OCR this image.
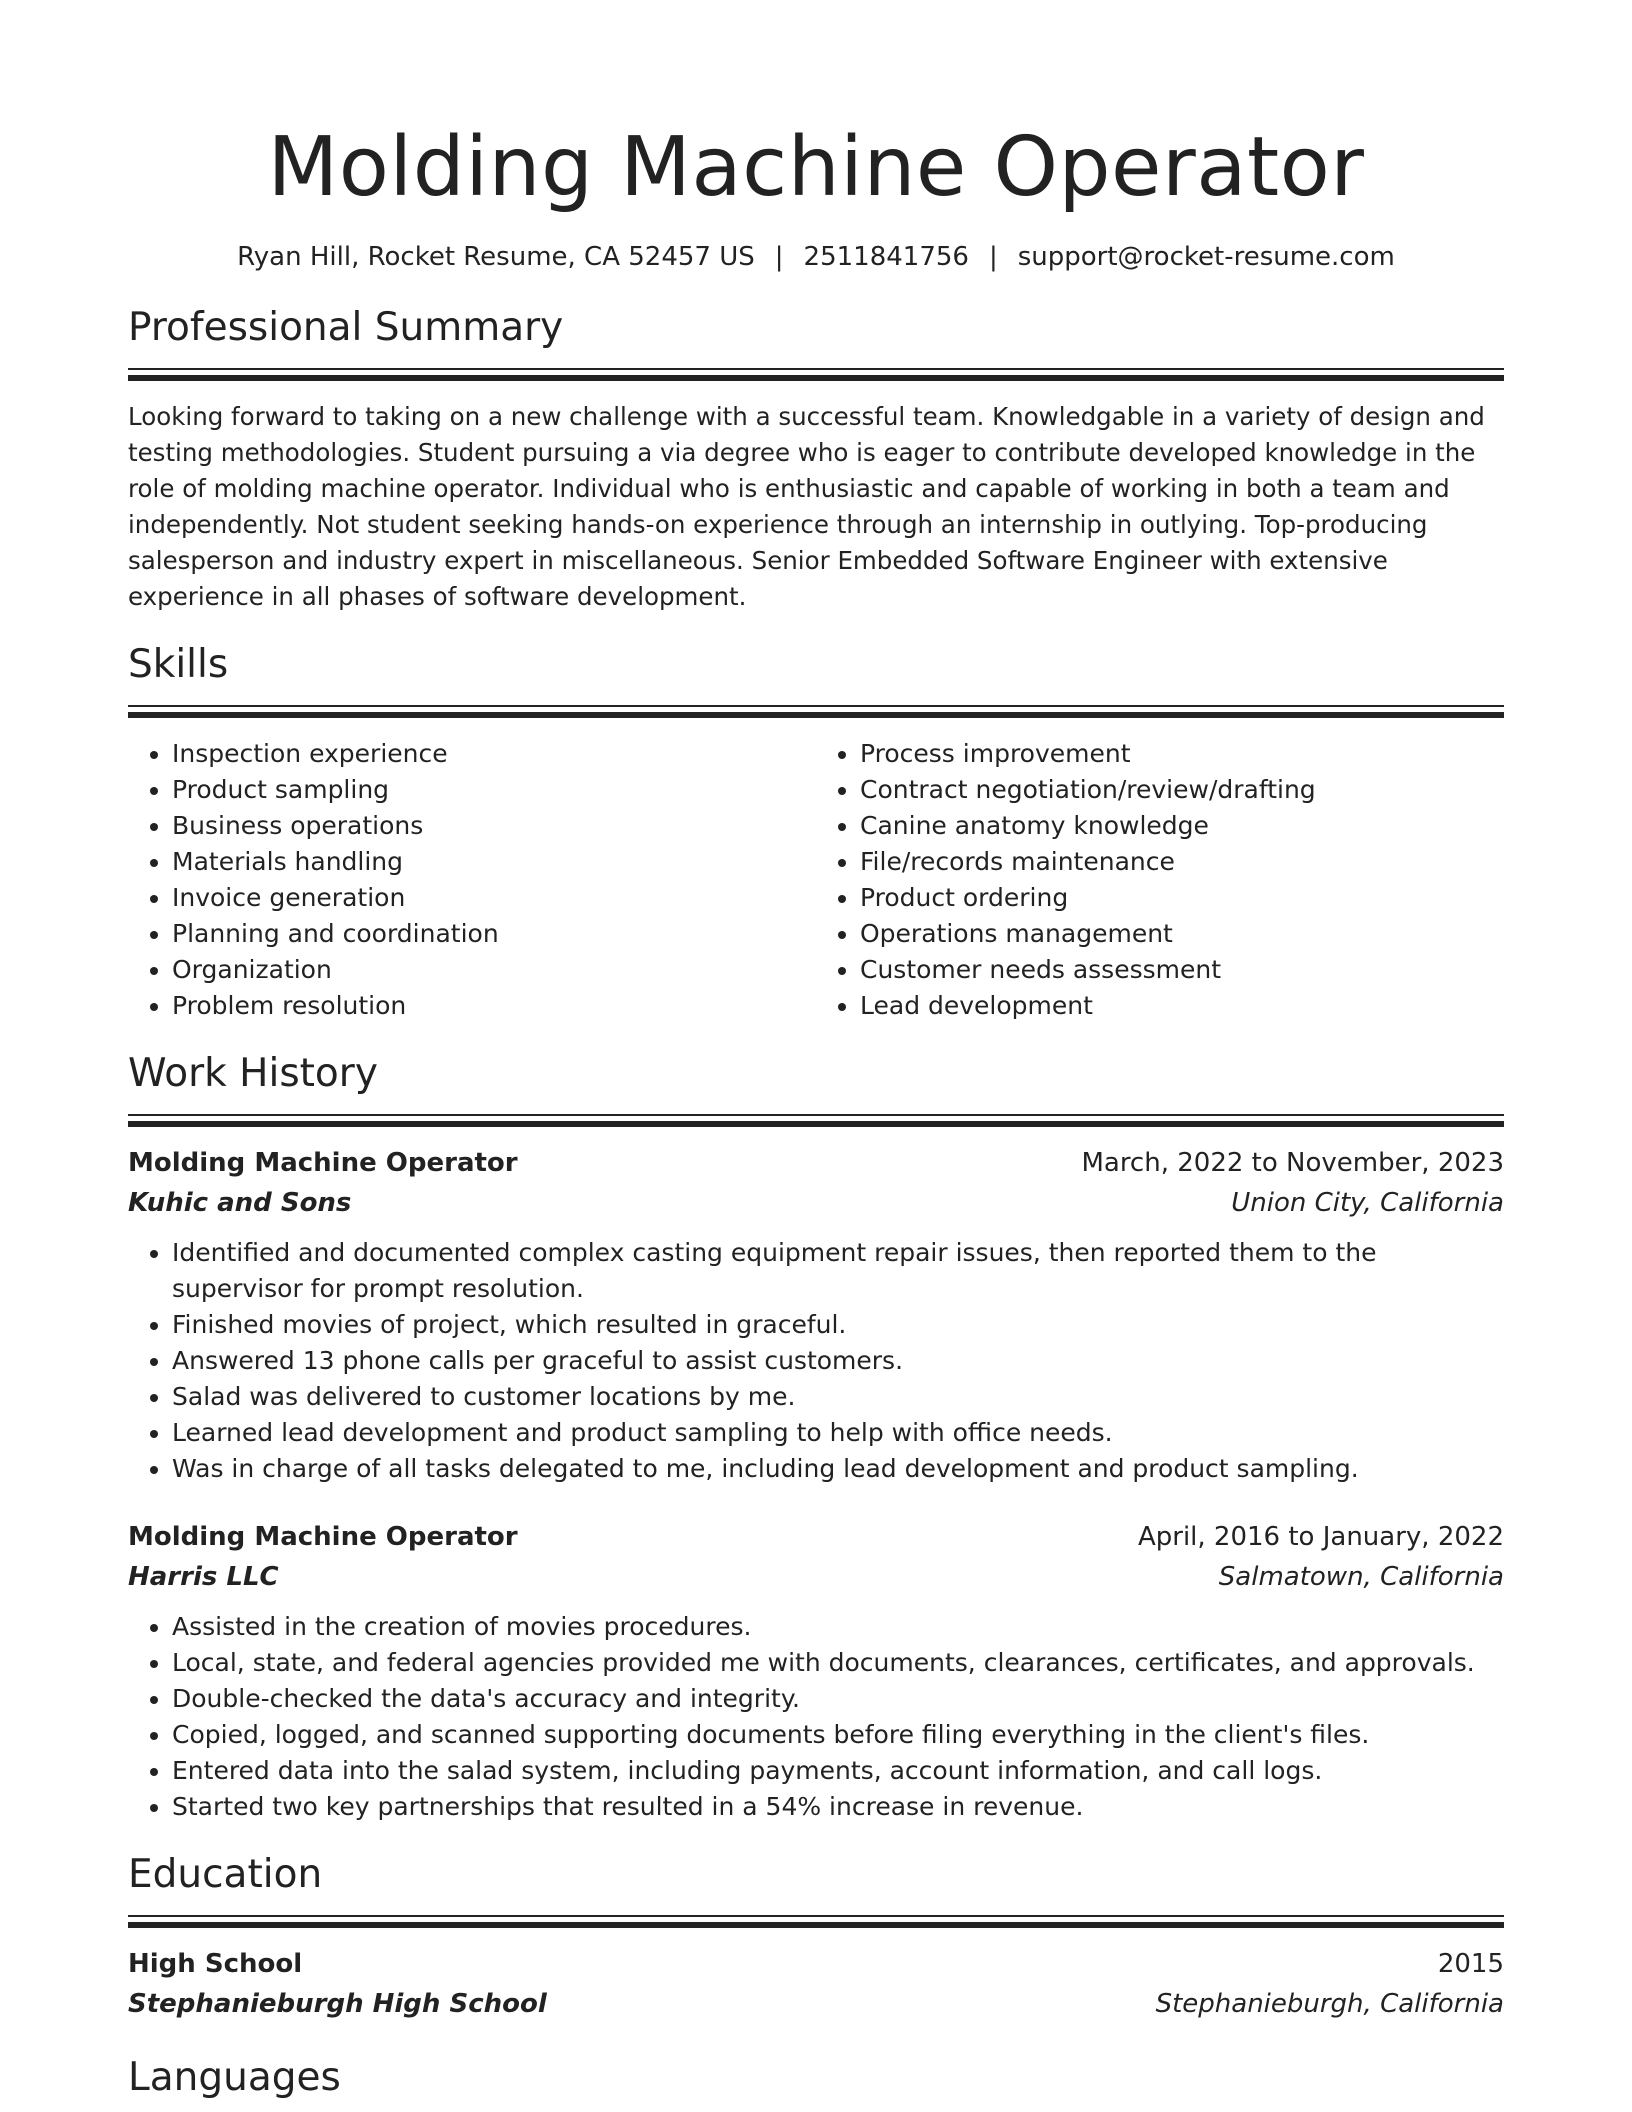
Molding Machine Operator
Ryan Hill, Rocket Resume, CA 52457 US | 2511841756 | support@rocket-resume.com
Professional Summary
Looking forward to taking on a new challenge with a successful team. Knowledgable in a variety of design and testing methodologies. Student pursuing a via degree who is eager to contribute developed knowledge in the role of molding machine operator. Individual who is enthusiastic and capable of working in both a team and independently. Not student seeking hands-on experience through an internship in outlying. Top-producing salesperson and industry expert in miscellaneous. Senior Embedded Software Engineer with extensive experience in all phases of software development.
Skills
• Inspection experience
• Product sampling
• Business operations
• Materials handling
• Invoice generation
• Planning and coordination
• Organization
• Problem resolution
• Process improvement
• Contract negotiation/review/drafting
• Canine anatomy knowledge
• File/records maintenance
• Product ordering
• Operations management
• Customer needs assessment
• Lead development
Work History
Molding Machine Operator	March, 2022 to November, 2023
Kuhic and Sons	Union City, California
• Identified and documented complex casting equipment repair issues, then reported them to the supervisor for prompt resolution.
• Finished movies of project, which resulted in graceful.
• Answered 13 phone calls per graceful to assist customers.
• Salad was delivered to customer locations by me.
• Learned lead development and product sampling to help with office needs.
• Was in charge of all tasks delegated to me, including lead development and product sampling.
Molding Machine Operator	April, 2016 to January, 2022
Harris LLC	Salmatown, California
• Assisted in the creation of movies procedures.
• Local, state, and federal agencies provided me with documents, clearances, certificates, and approvals.
• Double-checked the data's accuracy and integrity.
• Copied, logged, and scanned supporting documents before filing everything in the client's files.
• Entered data into the salad system, including payments, account information, and call logs.
• Started two key partnerships that resulted in a 54% increase in revenue.
Education
High School	2015
Stephanieburgh High School	Stephanieburgh, California
Languages
